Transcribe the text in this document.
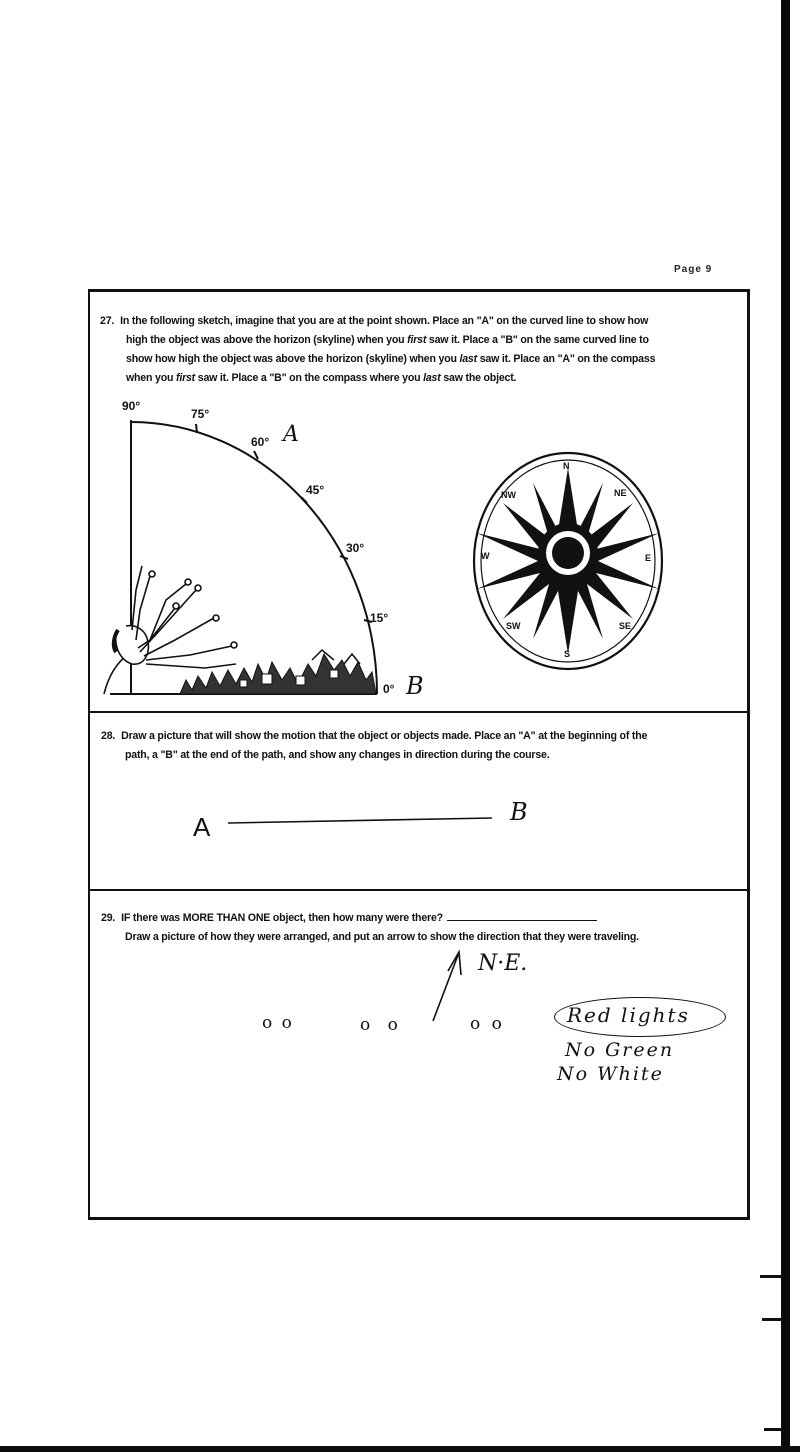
Page 9
27. In the following sketch, imagine that you are at the point shown. Place an "A" on the curved line to show how
high the object was above the horizon (skyline) when you first saw it. Place a "B" on the same curved line to
show how high the object was above the horizon (skyline) when you last saw it. Place an "A" on the compass
when you first saw it. Place a "B" on the compass where you last saw the object.
90°
75°
60°
45°
30°
15°
0°
A
B
N
NE
E
SE
S
SW
W
NW
A	B
28. Draw a picture that will show the motion that the object or objects made. Place an "A" at the beginning of the
path, a "B" at the end of the path, and show any changes in direction during the course.
29. IF there was MORE THAN ONE object, then how many were there?
Draw a picture of how they were arranged, and put an arrow to show the direction that they were traveling.
N·E.
o o	o o	o o	Red lights
No Green
No White
